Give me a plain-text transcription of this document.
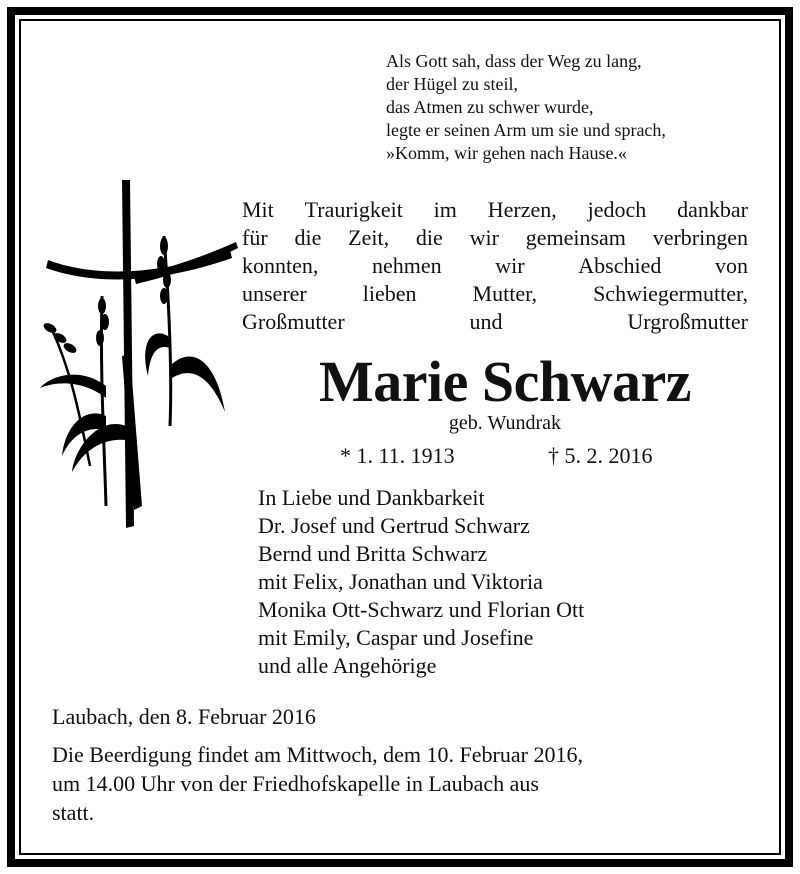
Als Gott sah, dass der Weg zu lang,
der Hügel zu steil,
das Atmen zu schwer wurde,
legte er seinen Arm um sie und sprach,
»Komm, wir gehen nach Hause.«
Mit Traurigkeit im Herzen, jedoch dankbar
für die Zeit, die wir gemeinsam verbringen
konnten, nehmen wir Abschied von
unserer	lieben	Mutter,	Schwiegermutter,
Großmutter und Urgroßmutter
Marie Schwarz
geb. Wundrak
* 1. 11. 1913	† 5. 2. 2016
In Liebe und Dankbarkeit
Dr. Josef und Gertrud Schwarz
Bernd und Britta Schwarz
mit Felix, Jonathan und Viktoria
Monika Ott-Schwarz und Florian Ott
mit Emily, Caspar und Josefine
und alle Angehörige
Laubach, den 8. Februar 2016
Die Beerdigung findet am Mittwoch, dem 10. Februar 2016,
um 14.00 Uhr von der Friedhofskapelle in Laubach aus
statt.
